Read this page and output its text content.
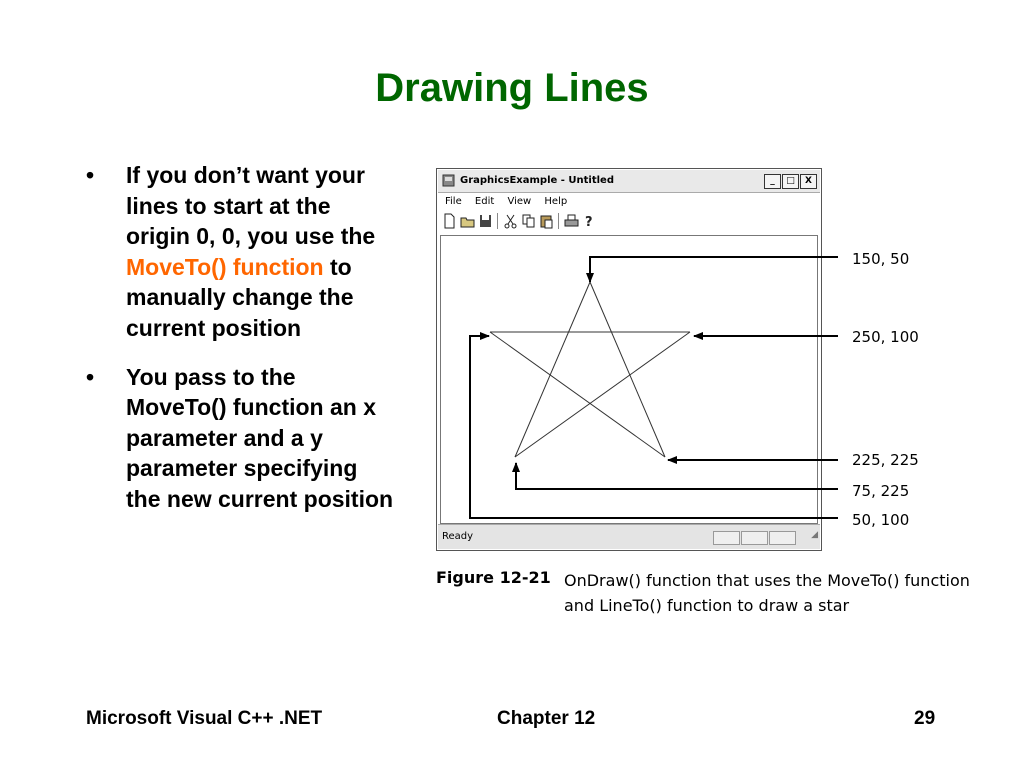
Drawing Lines
• If you don’t want your lines to start at the origin 0, 0, you use the MoveTo() function to manually change the current position
• You pass to the MoveTo() function an x parameter and a y parameter specifying the new current position
GraphicsExample - Untitled	_ □ X
File Edit View Help
?
Ready	◢
150, 50
250, 100
225, 225
75, 225
50, 100
Figure 12-21 OnDraw() function that uses the MoveTo() function and LineTo() function to draw a star
Microsoft Visual C++ .NET	Chapter 12	29
